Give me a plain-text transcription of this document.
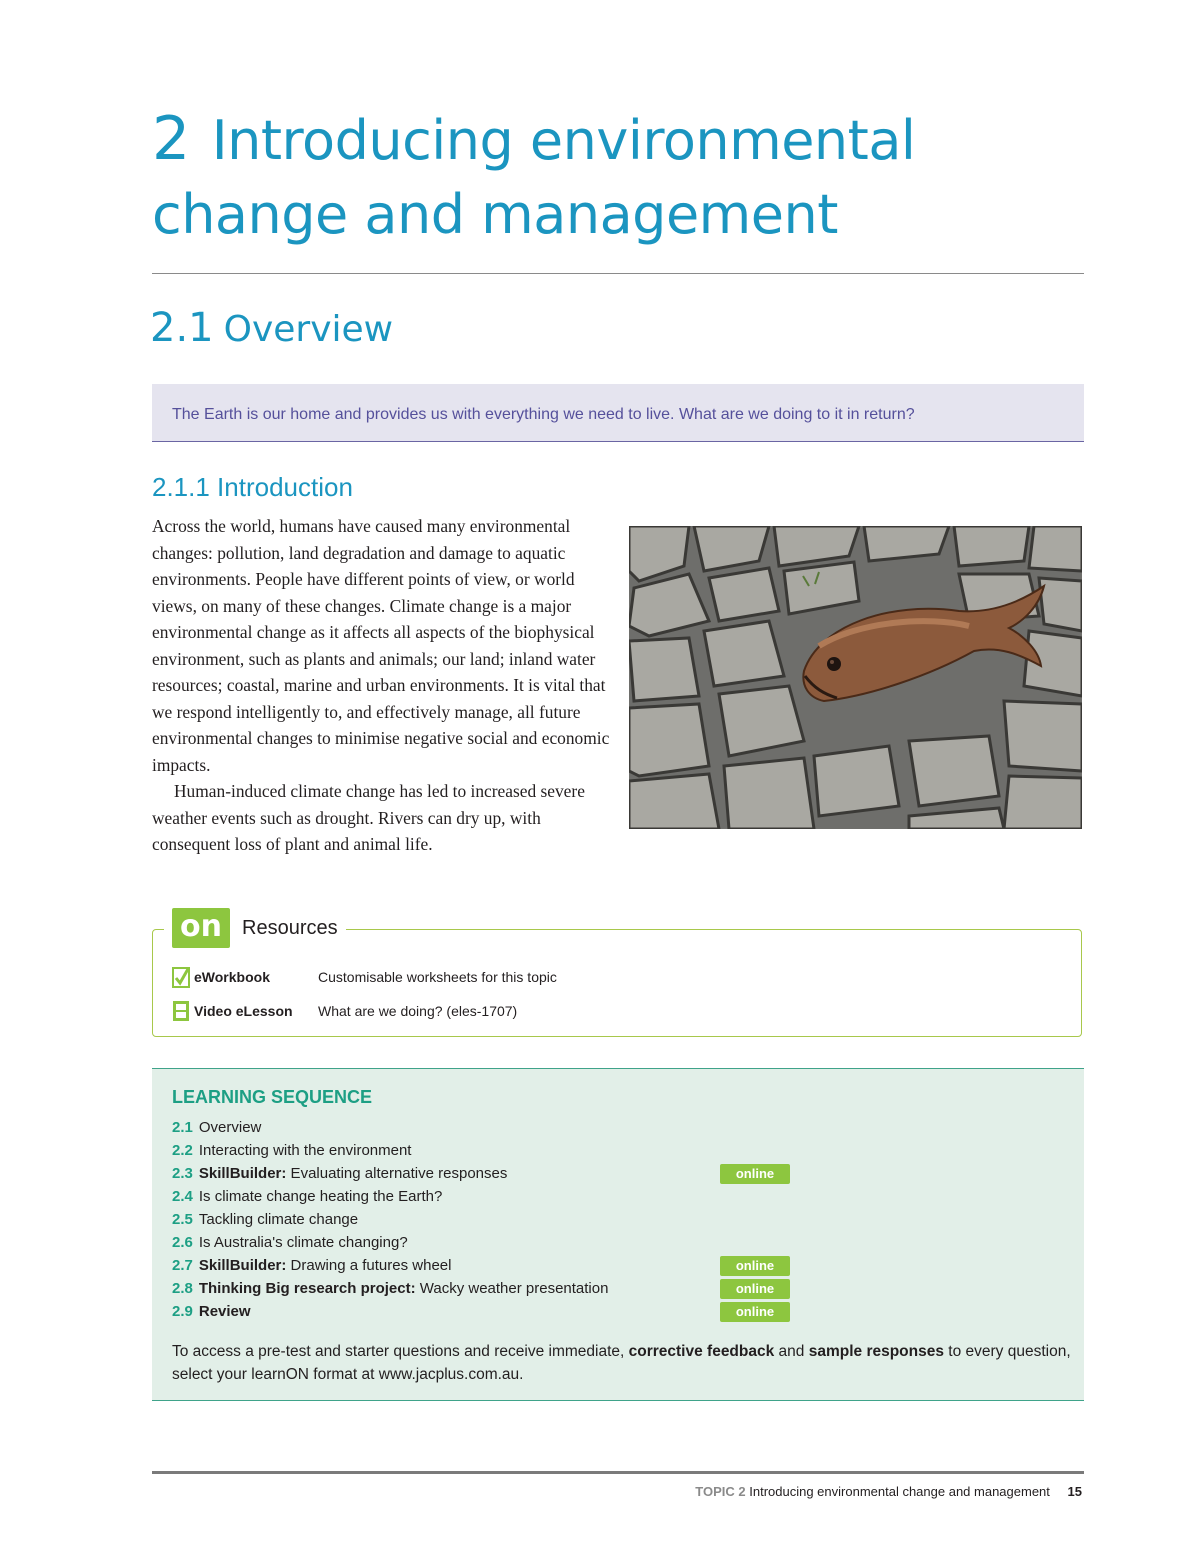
2 Introducing environmental
change and management
2.1 Overview

The Earth is our home and provides us with everything we need to live. What are we doing to it in return?

2.1.1 Introduction

Across the world, humans have caused many environmental changes: pollution, land degradation and damage to aquatic environments. People have different points of view, or world views, on many of these changes. Climate change is a major environmental change as it affects all aspects of the biophysical environment, such as plants and animals; our land; inland water resources; coastal, marine and urban environments. It is vital that we respond intelligently to, and effectively manage, all future environmental changes to minimise negative social and economic impacts.

Human-induced climate change has led to increased severe weather events such as drought. Rivers can dry up, with consequent loss of plant and animal life.

on	Resources
eWorkbook	Customisable worksheets for this topic
Video eLesson	What are we doing? (eles-1707)
LEARNING SEQUENCE
2.1 Overview
2.2 Interacting with the environment
2.3 SkillBuilder: Evaluating alternative responses	online
2.4 Is climate change heating the Earth?
2.5 Tackling climate change
2.6 Is Australia's climate changing?
2.7 SkillBuilder: Drawing a futures wheel	online
2.8 Thinking Big research project: Wacky weather presentation	online
2.9 Review	online

To access a pre-test and starter questions and receive immediate, corrective feedback and sample responses to every question, select your learnON format at www.jacplus.com.au.

TOPIC 2 Introducing environmental change and management 15
